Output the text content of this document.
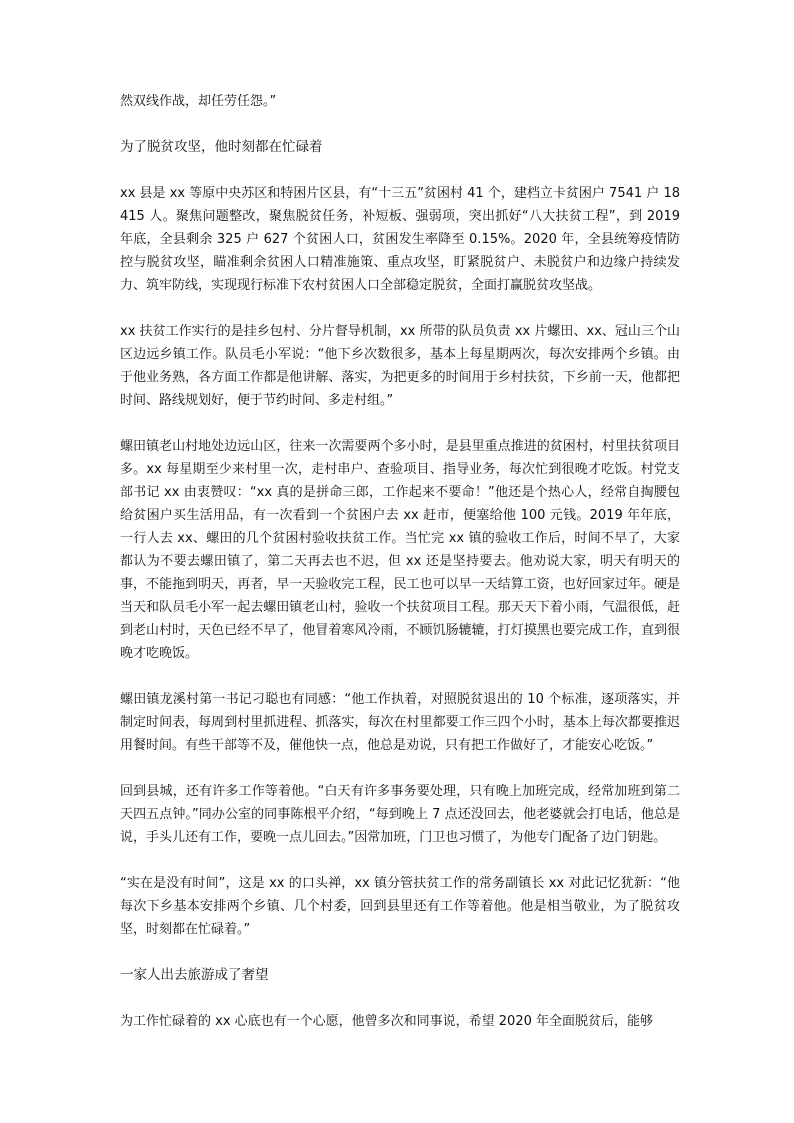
然双线作战，却任劳任怨。”

为了脱贫攻坚，他时刻都在忙碌着

xx 县是 xx 等原中央苏区和特困片区县，有“十三五”贫困村 41 个，建档立卡贫困户 7541 户 18415 人。聚焦问题整改，聚焦脱贫任务，补短板、强弱项，突出抓好“八大扶贫工程”，到 2019 年底，全县剩余 325 户 627 个贫困人口，贫困发生率降至 0.15%。2020 年，全县统筹疫情防控与脱贫攻坚，瞄准剩余贫困人口精准施策、重点攻坚，盯紧脱贫户、未脱贫户和边缘户持续发力、筑牢防线，实现现行标准下农村贫困人口全部稳定脱贫，全面打赢脱贫攻坚战。

xx 扶贫工作实行的是挂乡包村、分片督导机制，xx 所带的队员负责 xx 片螺田、xx、冠山三个山区边远乡镇工作。队员毛小军说：“他下乡次数很多，基本上每星期两次，每次安排两个乡镇。由于他业务熟，各方面工作都是他讲解、落实，为把更多的时间用于乡村扶贫，下乡前一天，他都把时间、路线规划好，便于节约时间、多走村组。”

螺田镇老山村地处边远山区，往来一次需要两个多小时，是县里重点推进的贫困村，村里扶贫项目多。xx 每星期至少来村里一次，走村串户、查验项目、指导业务，每次忙到很晚才吃饭。村党支部书记 xx 由衷赞叹：“xx 真的是拼命三郎，工作起来不要命！”他还是个热心人，经常自掏腰包给贫困户买生活用品，有一次看到一个贫困户去 xx 赶市，便塞给他 100 元钱。2019 年年底，一行人去 xx、螺田的几个贫困村验收扶贫工作。当忙完 xx 镇的验收工作后，时间不早了，大家都认为不要去螺田镇了，第二天再去也不迟，但 xx 还是坚持要去。他劝说大家，明天有明天的事，不能拖到明天，再者，早一天验收完工程，民工也可以早一天结算工资，也好回家过年。硬是当天和队员毛小军一起去螺田镇老山村，验收一个扶贫项目工程。那天天下着小雨，气温很低，赶到老山村时，天色已经不早了，他冒着寒风冷雨，不顾饥肠辘辘，打灯摸黑也要完成工作，直到很晚才吃晚饭。

螺田镇龙溪村第一书记刁聪也有同感：“他工作执着，对照脱贫退出的 10 个标准，逐项落实，并制定时间表，每周到村里抓进程、抓落实，每次在村里都要工作三四个小时，基本上每次都要推迟用餐时间。有些干部等不及，催他快一点，他总是劝说，只有把工作做好了，才能安心吃饭。”

回到县城，还有许多工作等着他。“白天有许多事务要处理，只有晚上加班完成，经常加班到第二天四五点钟。”同办公室的同事陈根平介绍，“每到晚上 7 点还没回去，他老婆就会打电话，他总是说，手头儿还有工作，要晚一点儿回去。”因常加班，门卫也习惯了，为他专门配备了边门钥匙。

“实在是没有时间”，这是 xx 的口头禅，xx 镇分管扶贫工作的常务副镇长 xx 对此记忆犹新：“他每次下乡基本安排两个乡镇、几个村委，回到县里还有工作等着他。他是相当敬业，为了脱贫攻坚，时刻都在忙碌着。”

一家人出去旅游成了奢望

为工作忙碌着的 xx 心底也有一个心愿，他曾多次和同事说，希望 2020 年全面脱贫后，能够
